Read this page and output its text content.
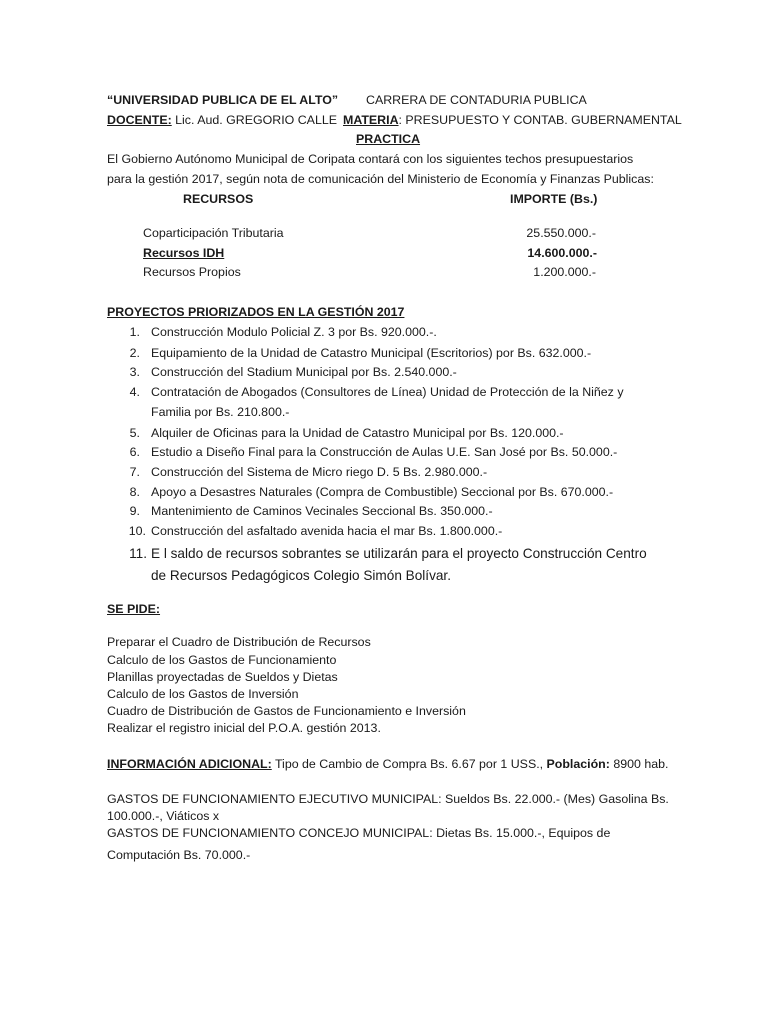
“UNIVERSIDAD PUBLICA DE EL ALTO” CARRERA DE CONTADURIA PUBLICA
DOCENTE: Lic. Aud. GREGORIO CALLE MATERIA: PRESUPUESTO Y CONTAB. GUBERNAMENTAL
PRACTICA
El Gobierno Autónomo Municipal de Coripata contará con los siguientes techos presupuestarios
para la gestión 2017, según nota de comunicación del Ministerio de Economía y Finanzas Publicas:
RECURSOS	IMPORTE (Bs.)
Coparticipación Tributaria	25.550.000.-
Recursos IDH	14.600.000.-
Recursos Propios	1.200.000.-
PROYECTOS PRIORIZADOS EN LA GESTIÓN 2017
1. Construcción Modulo Policial Z. 3 por Bs. 920.000.-.
2. Equipamiento de la Unidad de Catastro Municipal (Escritorios) por Bs. 632.000.-
3. Construcción del Stadium Municipal por Bs. 2.540.000.-
4. Contratación de Abogados (Consultores de Línea) Unidad de Protección de la Niñez y
Familia por Bs. 210.800.-
5. Alquiler de Oficinas para la Unidad de Catastro Municipal por Bs. 120.000.-
6. Estudio a Diseño Final para la Construcción de Aulas U.E. San José por Bs. 50.000.-
7. Construcción del Sistema de Micro riego D. 5 Bs. 2.980.000.-
8. Apoyo a Desastres Naturales (Compra de Combustible) Seccional por Bs. 670.000.-
9. Mantenimiento de Caminos Vecinales Seccional Bs. 350.000.-
10. Construcción del asfaltado avenida hacia el mar Bs. 1.800.000.-
11. E l saldo de recursos sobrantes se utilizarán para el proyecto Construcción Centro
de Recursos Pedagógicos Colegio Simón Bolívar.
SE PIDE:
Preparar el Cuadro de Distribución de Recursos
Calculo de los Gastos de Funcionamiento
Planillas proyectadas de Sueldos y Dietas
Calculo de los Gastos de Inversión
Cuadro de Distribución de Gastos de Funcionamiento e Inversión
Realizar el registro inicial del P.O.A. gestión 2013.
INFORMACIÓN ADICIONAL: Tipo de Cambio de Compra Bs. 6.67 por 1 USS., Población: 8900 hab.
GASTOS DE FUNCIONAMIENTO EJECUTIVO MUNICIPAL: Sueldos Bs. 22.000.- (Mes) Gasolina Bs.
100.000.-, Viáticos x
GASTOS DE FUNCIONAMIENTO CONCEJO MUNICIPAL: Dietas Bs. 15.000.-, Equipos de
Computación Bs. 70.000.-
